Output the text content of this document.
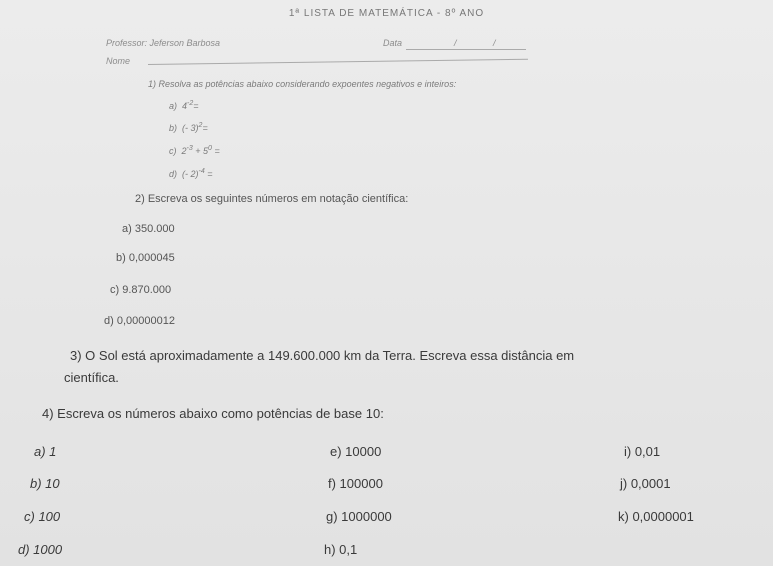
1ª LISTA DE MATEMÁTICA - 8º ANO
Professor: Jeferson Barbosa	Data	/	/
Nome
1) Resolva as potências abaixo considerando expoentes negativos e inteiros:
a) $4^{-2}=$
b) (- 3)$^2$=
c) $2^{-3} + 5^0$ =
d) (- 2)$^{-4}$ =
2) Escreva os seguintes números em notação científica:
a) 350.000
b) 0,000045
c) 9.870.000
d) 0,00000012
3) O Sol está aproximadamente a 149.600.000 km da Terra. Escreva essa distância em
científica.
4) Escreva os números abaixo como potências de base 10:
a) 1
b) 10
c) 100
d) 1000
e) 10000
f) 100000
g) 1000000
h) 0,1
i) 0,01
j) 0,0001
k) 0,0000001
